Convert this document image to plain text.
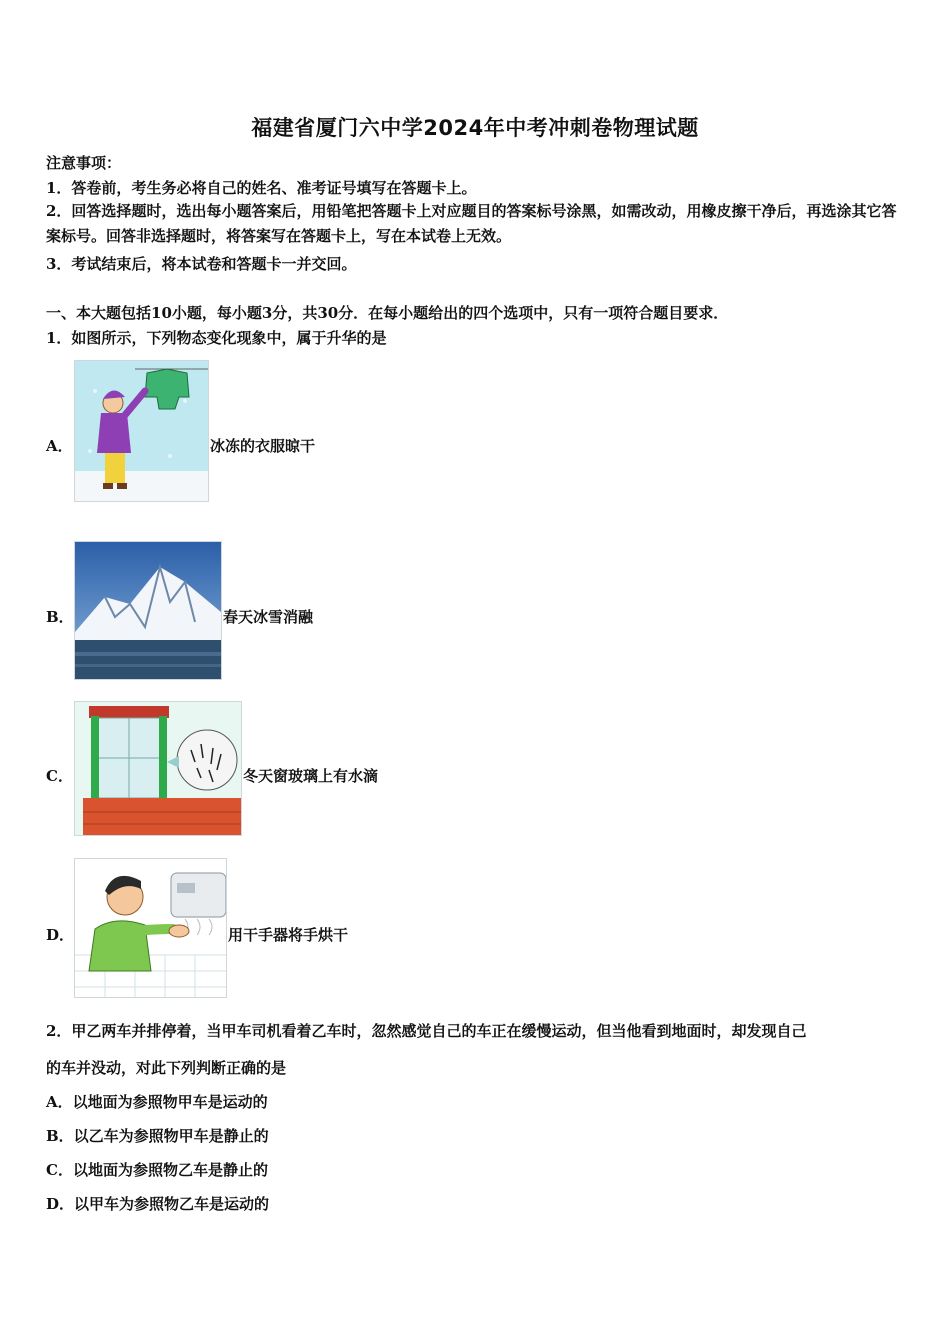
福建省厦门六中学2024年中考冲刺卷物理试题
注意事项：
1．答卷前，考生务必将自己的姓名、准考证号填写在答题卡上。
2．回答选择题时，选出每小题答案后，用铅笔把答题卡上对应题目的答案标号涂黑，如需改动，用橡皮擦干净后，再选涂其它答案标号。回答非选择题时，将答案写在答题卡上，写在本试卷上无效。
3．考试结束后，将本试卷和答题卡一并交回。
一、本大题包括10小题，每小题3分，共30分．在每小题给出的四个选项中，只有一项符合题目要求．
1．如图所示，下列物态变化现象中，属于升华的是
A．	冰冻的衣服晾干
B．	春天冰雪消融
C．	冬天窗玻璃上有水滴
D．	用干手器将手烘干
2．甲乙两车并排停着，当甲车司机看着乙车时，忽然感觉自己的车正在缓慢运动，但当他看到地面时，却发现自己
的车并没动，对此下列判断正确的是
A．以地面为参照物甲车是运动的
B．以乙车为参照物甲车是静止的
C．以地面为参照物乙车是静止的
D．以甲车为参照物乙车是运动的
